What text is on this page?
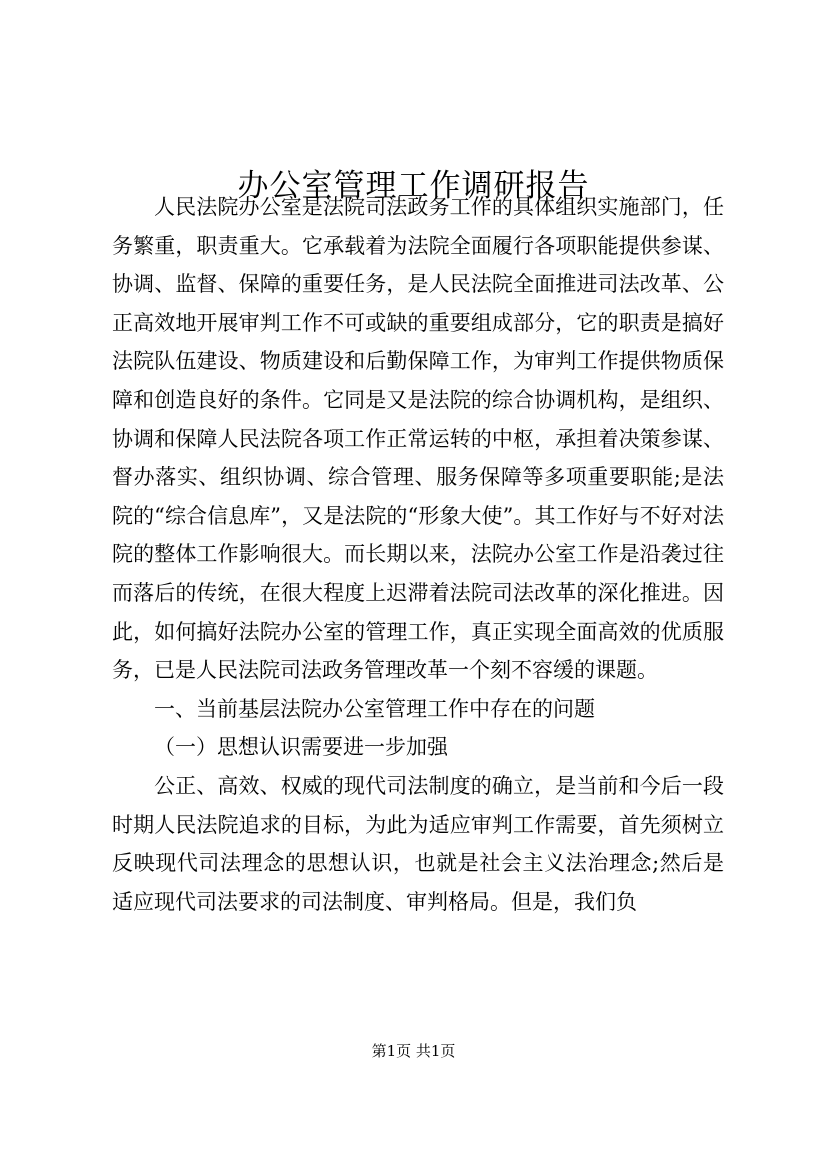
办公室管理工作调研报告

人民法院办公室是法院司法政务工作的具体组织实施部门，任务繁重，职责重大。它承载着为法院全面履行各项职能提供参谋、协调、监督、保障的重要任务，是人民法院全面推进司法改革、公正高效地开展审判工作不可或缺的重要组成部分，它的职责是搞好法院队伍建设、物质建设和后勤保障工作，为审判工作提供物质保障和创造良好的条件。它同是又是法院的综合协调机构，是组织、协调和保障人民法院各项工作正常运转的中枢，承担着决策参谋、督办落实、组织协调、综合管理、服务保障等多项重要职能;是法院的“综合信息库”，又是法院的“形象大使”。其工作好与不好对法院的整体工作影响很大。而长期以来，法院办公室工作是沿袭过往而落后的传统，在很大程度上迟滞着法院司法改革的深化推进。因此，如何搞好法院办公室的管理工作，真正实现全面高效的优质服务，已是人民法院司法政务管理改革一个刻不容缓的课题。

一、当前基层法院办公室管理工作中存在的问题

（一）思想认识需要进一步加强

公正、高效、权威的现代司法制度的确立，是当前和今后一段时期人民法院追求的目标，为此为适应审判工作需要，首先须树立反映现代司法理念的思想认识，也就是社会主义法治理念;然后是适应现代司法要求的司法制度、审判格局。但是，我们负

第1页 共1页
